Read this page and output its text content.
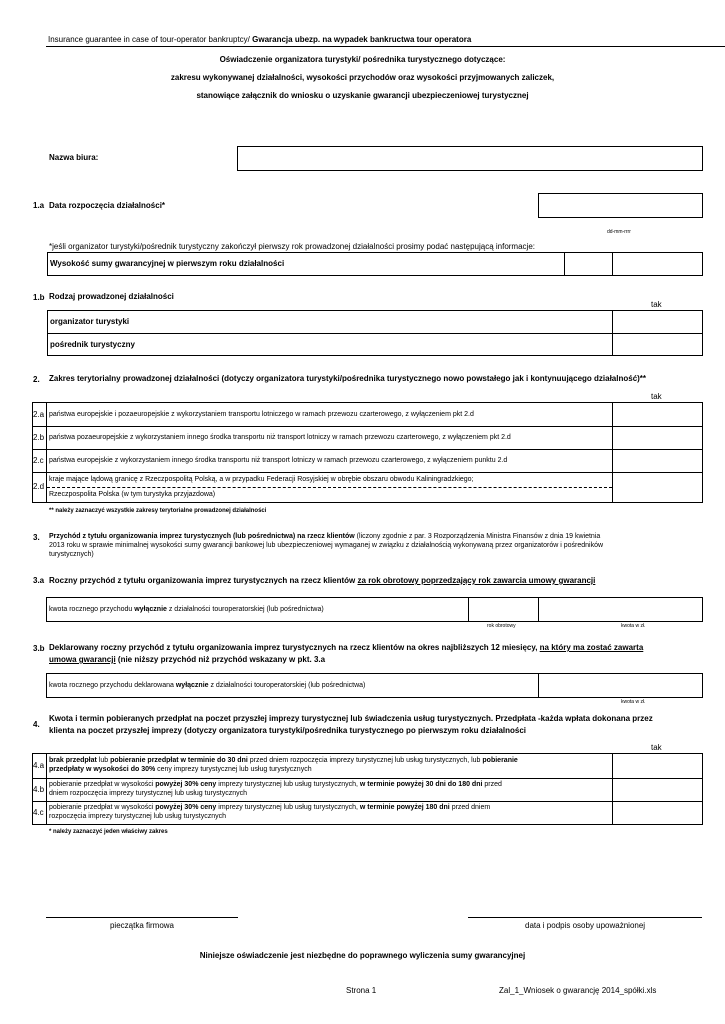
Insurance guarantee in case of tour-operator bankruptcy/ Gwarancja ubezp. na wypadek bankructwa tour operatora
Oświadczenie organizatora turystyki/ pośrednika turystycznego dotyczące:
zakresu wykonywanej działalności, wysokości przychodów oraz wysokości przyjmowanych zaliczek,
stanowiące załącznik do wniosku o uzyskanie gwarancji ubezpieczeniowej turystycznej
Nazwa biura:
1.a Data rozpoczęcia działalności*
dd-mm-rrrr
*jeśli organizator turystyki/pośrednik turystyczny zakończył pierwszy rok prowadzonej działalności prosimy podać następującą informacje:
Wysokość sumy gwarancyjnej w pierwszym roku działalności
1.b Rodzaj prowadzonej działalności
tak
organizator turystyki
pośrednik turystyczny
2. Zakres terytorialny prowadzonej działalności (dotyczy organizatora turystyki/pośrednika turystycznego nowo powstałego jak i kontynuującego działalność)**
tak
2.a państwa europejskie i pozaeuropejskie z wykorzystaniem transportu lotniczego w ramach przewozu czarterowego, z wyłączeniem pkt 2.d
2.b państwa pozaeuropejskie z wykorzystaniem innego środka transportu niż transport lotniczy w ramach przewozu czarterowego, z wyłączeniem pkt 2.d
2.c państwa europejskie z wykorzystaniem innego środka transportu niż transport lotniczy w ramach przewozu czarterowego, z wyłączeniem punktu 2.d
2.d
kraje mające lądową granicę z Rzeczpospolitą Polską, a w przypadku Federacji Rosyjskiej w obrębie obszaru obwodu Kaliningradzkiego;
Rzeczpospolita Polska (w tym turystyka przyjazdowa)
** należy zaznaczyć wszystkie zakresy terytorialne prowadzonej działalności
3. Przychód z tytułu organizowania imprez turystycznych (lub pośrednictwa) na rzecz klientów (liczony zgodnie z par. 3 Rozporządzenia Ministra Finansów z dnia 19 kwietnia
2013 roku w sprawie minimalnej wysokości sumy gwarancji bankowej lub ubezpieczeniowej wymaganej w związku z działalnością wykonywaną przez organizatorów i pośredników
turystycznych)
3.a Roczny przychód z tytułu organizowania imprez turystycznych na rzecz klientów za rok obrotowy poprzedzający rok zawarcia umowy gwarancji
kwota rocznego przychodu wyłącznie z działalności touroperatorskiej (lub pośrednictwa)
rok obrotowy	kwota w zł.
3.b Deklarowany roczny przychód z tytułu organizowania imprez turystycznych na rzecz klientów na okres najbliższych 12 miesięcy, na który ma zostać zawarta
umowa gwarancji (nie niższy przychód niż przychód wskazany w pkt. 3.a
kwota rocznego przychodu deklarowana wyłącznie z działalności touroperatorskiej (lub pośrednictwa)
kwota w zł.
4.
Kwota i termin pobieranych przedpłat na poczet przyszłej imprezy turystycznej lub świadczenia usług turystycznych. Przedpłata -każda wpłata dokonana przez
klienta na poczet przyszłej imprezy (dotyczy organizatora turystyki/pośrednika turystycznego po pierwszym roku działalności
tak
4.a
brak przedpłat lub pobieranie przedpłat w terminie do 30 dni przed dniem rozpoczęcia imprezy turystycznej lub usług turystycznych, lub pobieranie
przedpłaty w wysokości do 30% ceny imprezy turystycznej lub usług turystycznych
4.b
pobieranie przedpłat w wysokości powyżej 30% ceny imprezy turystycznej lub usług turystycznych, w terminie powyżej 30 dni do 180 dni przed
dniem rozpoczęcia imprezy turystycznej lub usług turystycznych
4.c
pobieranie przedpłat w wysokości powyżej 30% ceny imprezy turystycznej lub usług turystycznych, w terminie powyżej 180 dni przed dniem
rozpoczęcia imprezy turystycznej lub usług turystycznych
* należy zaznaczyć jeden właściwy zakres
pieczątka firmowa	data i podpis osoby upoważnionej
Niniejsze oświadczenie jest niezbędne do poprawnego wyliczenia sumy gwarancyjnej
Strona 1	Zal_1_Wniosek o gwarancję 2014_spółki.xls
